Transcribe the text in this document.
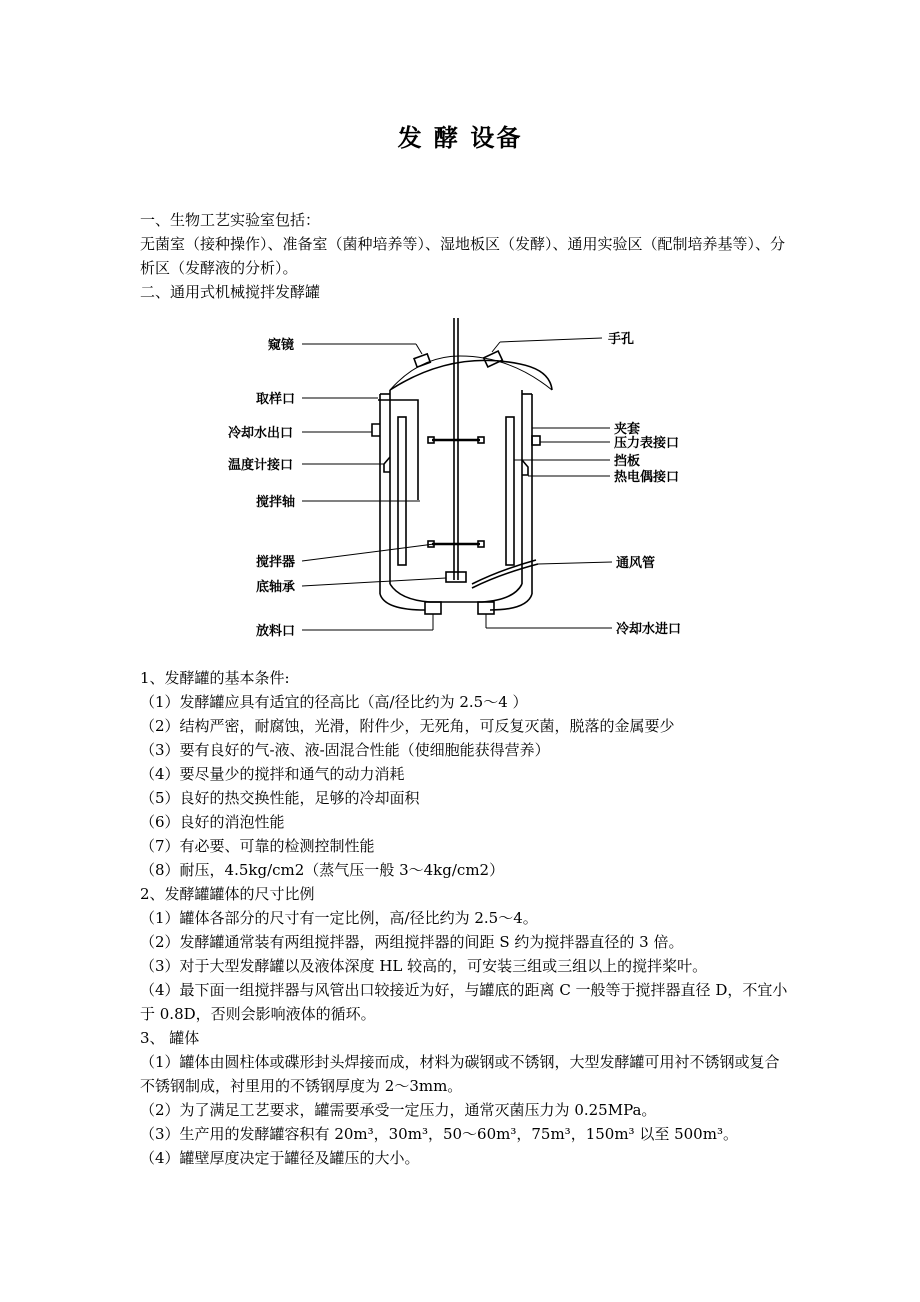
发 酵 设备

一、生物工艺实验室包括：

无菌室（接种操作）、准备室（菌种培养等）、湿地板区（发酵）、通用实验区（配制培养基等）、分析区（发酵液的分析）。

二、通用式机械搅拌发酵罐

窥镜	手孔
取样口
冷却水出口
温度计接口
搅拌轴
搅拌器
底轴承
放料口
夹套
压力表接口
挡板
热电偶接口
通风管
冷却水进口

1、发酵罐的基本条件:

（1）发酵罐应具有适宜的径高比（高/径比约为 2.5～4 ）

（2）结构严密，耐腐蚀，光滑，附件少，无死角，可反复灭菌，脱落的金属要少

（3）要有良好的气-液、液-固混合性能（使细胞能获得营养）

（4）要尽量少的搅拌和通气的动力消耗

（5）良好的热交换性能，足够的冷却面积

（6）良好的消泡性能

（7）有必要、可靠的检测控制性能

（8）耐压，4.5kg/cm2（蒸气压一般 3～4kg/cm2）

2、发酵罐罐体的尺寸比例

（1）罐体各部分的尺寸有一定比例，高/径比约为 2.5～4。

（2）发酵罐通常装有两组搅拌器，两组搅拌器的间距 S 约为搅拌器直径的 3 倍。

（3）对于大型发酵罐以及液体深度 HL 较高的，可安装三组或三组以上的搅拌桨叶。

（4）最下面一组搅拌器与风管出口较接近为好，与罐底的距离 C 一般等于搅拌器直径 D，不宜小于 0.8D，否则会影响液体的循环。

3、 罐体

（1）罐体由圆柱体或碟形封头焊接而成，材料为碳钢或不锈钢，大型发酵罐可用衬不锈钢或复合不锈钢制成，衬里用的不锈钢厚度为 2～3mm。

（2）为了满足工艺要求，罐需要承受一定压力，通常灭菌压力为 0.25MPa。

（3）生产用的发酵罐容积有 20m³，30m³，50～60m³，75m³，150m³ 以至 500m³。

（4）罐壁厚度决定于罐径及罐压的大小。
